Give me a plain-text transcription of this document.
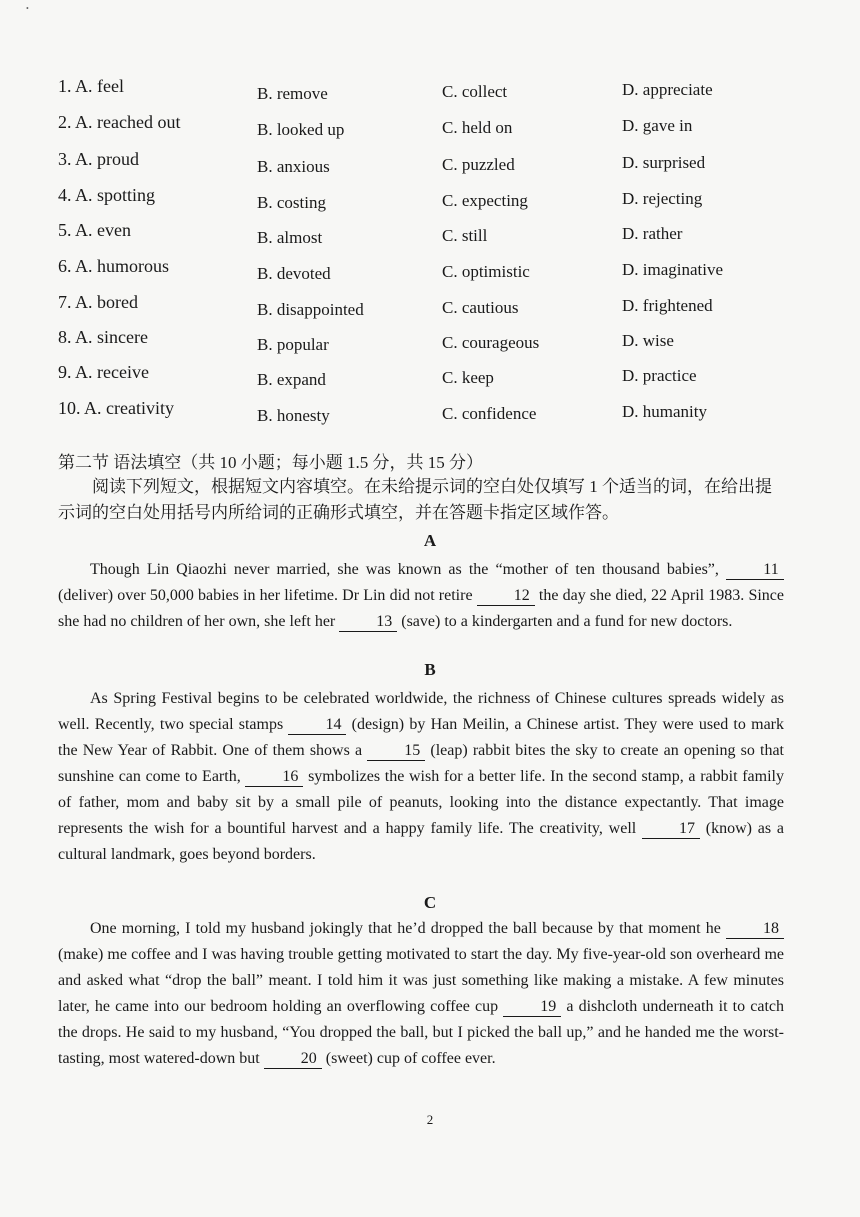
•
1. A. feel	B. remove	C. collect	D. appreciate
2. A. reached out	B. looked up	C. held on	D. gave in
3. A. proud	B. anxious	C. puzzled	D. surprised
4. A. spotting	B. costing	C. expecting	D. rejecting
5. A. even	B. almost	C. still	D. rather
6. A. humorous	B. devoted	C. optimistic	D. imaginative
7. A. bored	B. disappointed	C. cautious	D. frightened
8. A. sincere	B. popular	C. courageous	D. wise
9. A. receive	B. expand	C. keep	D. practice
10. A. creativity	B. honesty	C. confidence	D. humanity
第二节 语法填空（共 10 小题；每小题 1.5 分，共 15 分）
阅读下列短文，根据短文内容填空。在未给提示词的空白处仅填写 1 个适当的词，在给出提示词的空白处用括号内所给词的正确形式填空，并在答题卡指定区域作答。
A

Though Lin Qiaozhi never married, she was known as the “mother of ten thousand babies”, 11 (deliver) over 50,000 babies in her lifetime. Dr Lin did not retire 12 the day she died, 22 April 1983. Since she had no children of her own, she left her 13 (save) to a kindergarten and a fund for new doctors.

B

As Spring Festival begins to be celebrated worldwide, the richness of Chinese cultures spreads widely as well. Recently, two special stamps 14 (design) by Han Meilin, a Chinese artist. They were used to mark the New Year of Rabbit. One of them shows a 15 (leap) rabbit bites the sky to create an opening so that sunshine can come to Earth, 16 symbolizes the wish for a better life. In the second stamp, a rabbit family of father, mom and baby sit by a small pile of peanuts, looking into the distance expectantly. That image represents the wish for a bountiful harvest and a happy family life. The creativity, well 17 (know) as a cultural landmark, goes beyond borders.

C

One morning, I told my husband jokingly that he’d dropped the ball because by that moment he 18 (make) me coffee and I was having trouble getting motivated to start the day. My five-year-old son overheard me and asked what “drop the ball” meant. I told him it was just something like making a mistake. A few minutes later, he came into our bedroom holding an overflowing coffee cup 19 a dishcloth underneath it to catch the drops. He said to my husband, “You dropped the ball, but I picked the ball up,” and he handed me the worst-tasting, most watered-down but 20 (sweet) cup of coffee ever.

2
